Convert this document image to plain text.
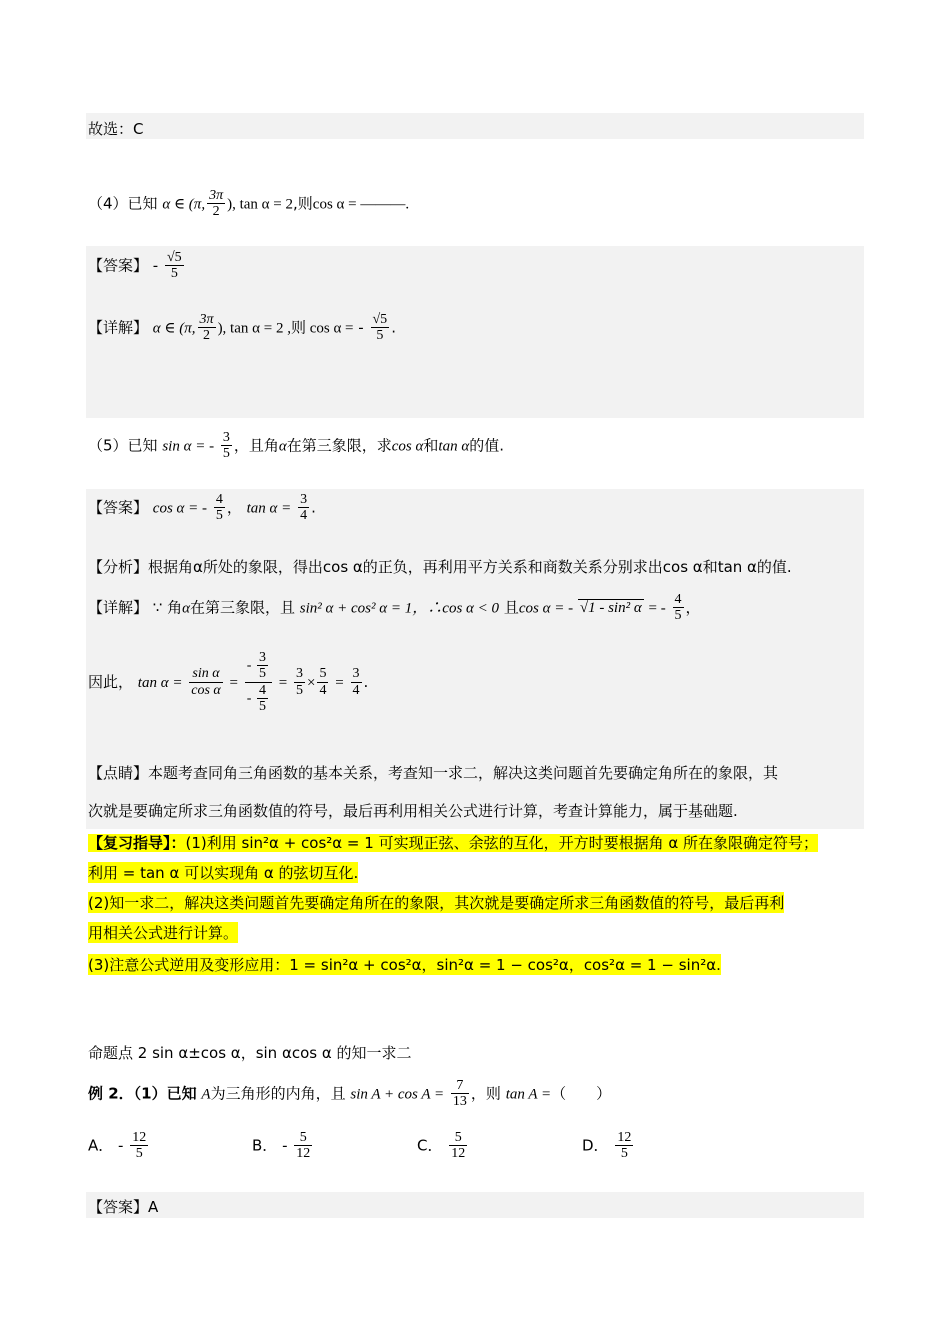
故选：C
（4）已知 α ∈ (π, $\frac{3\pi}{2}$ ), tan α = 2,则cos α = ———.
【答案】 - $\frac{√5}{5}$
【详解】 α ∈ (π, $\frac{3\pi}{2}$ ), tan α = 2 ,则 cos α = - $\frac{√5}{5}$ .
（5）已知 sin α = - $\frac{3}{5}$ ，且角α在第三象限，求cos α和tan α的值.
【答案】 cos α = - $\frac{4}{5}$ ， $\tan \alpha = \frac{3}{4}$ .
【分析】根据角α所处的象限，得出cos α的正负，再利用平方关系和商数关系分别求出cos α和tan α的值.
【详解】 ∵ 角α在第三象限，且 sin² α + cos² α = 1，∴cos α < 0 且cos α = - √1 - sin² α = - $\frac{4}{5}$ ，
因此， $\tan \alpha = \frac{\text{sin α}}{\text{cos α}} = \frac{- \frac{3}{5}}{- \frac{4}{5}} = \frac{3}{5} \times \frac{5}{4} = \frac{3}{4}$ .
【点睛】本题考查同角三角函数的基本关系，考查知一求二，解决这类问题首先要确定角所在的象限，其
次就是要确定所求三角函数值的符号，最后再利用相关公式进行计算，考查计算能力，属于基础题.
【复习指导】：(1)利用 sin²α + cos²α = 1 可实现正弦、余弦的互化，开方时要根据角 α 所在象限确定符号；
利用 = tan α 可以实现角 α 的弦切互化.
(2)知一求二，解决这类问题首先要确定角所在的象限，其次就是要确定所求三角函数值的符号，最后再利
用相关公式进行计算。
(3)注意公式逆用及变形应用：1 = sin²α + cos²α，sin²α = 1 − cos²α，cos²α = 1 − sin²α.
命题点 2 sin α±cos α，sin αcos α 的知一求二
例 2．（1）已知 A为三角形的内角，且 $\sin A + \cos A = \frac{7}{13}$ ，则 tan A =（　　）
A． - $\frac{12}{5}$	B． - $\frac{5}{12}$	C． $\frac{5}{12}$	D． $\frac{12}{5}$
【答案】A
